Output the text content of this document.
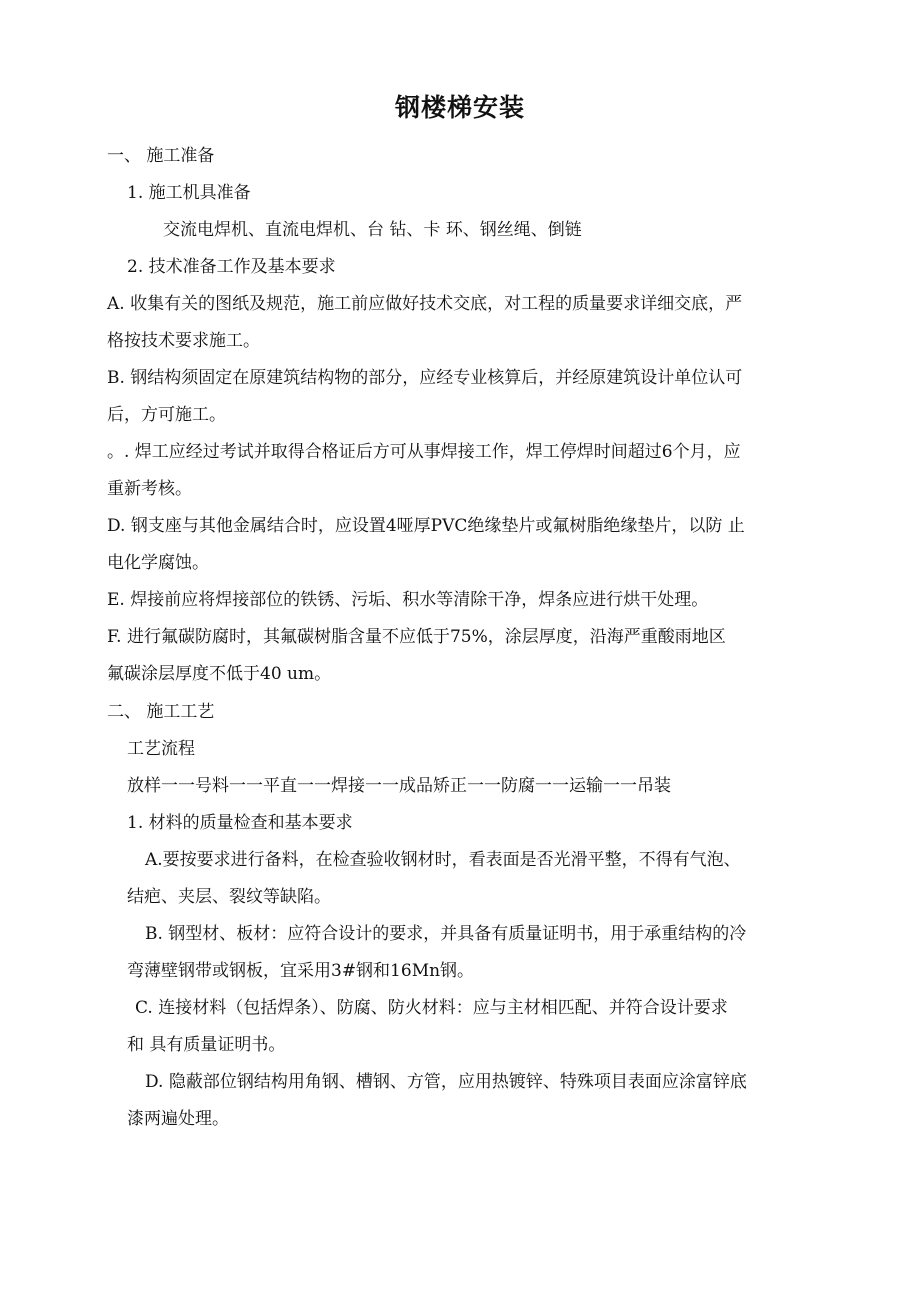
钢楼梯安装
一、 施工准备
1. 施工机具准备
交流电焊机、直流电焊机、台 钻、卡 环、钢丝绳、倒链
2. 技术准备工作及基本要求
A. 收集有关的图纸及规范，施工前应做好技术交底，对工程的质量要求详细交底，严
格按技术要求施工。
B. 钢结构须固定在原建筑结构物的部分，应经专业核算后，并经原建筑设计单位认可
后，方可施工。
。. 焊工应经过考试并取得合格证后方可从事焊接工作，焊工停焊时间超过6个月，应
重新考核。
D. 钢支座与其他金属结合时，应设置4哑厚PVC绝缘垫片或氟树脂绝缘垫片，以防 止
电化学腐蚀。
E. 焊接前应将焊接部位的铁锈、污垢、积水等清除干净，焊条应进行烘干处理。
F. 进行氟碳防腐时，其氟碳树脂含量不应低于75%，涂层厚度，沿海严重酸雨地区
氟碳涂层厚度不低于40 um。
二、 施工工艺
工艺流程
放样一一号料一一平直一一焊接一一成品矫正一一防腐一一运输一一吊装
1. 材料的质量检查和基本要求
A.要按要求进行备料，在检查验收钢材时，看表面是否光滑平整，不得有气泡、
结疤、夹层、裂纹等缺陷。
B. 钢型材、板材：应符合设计的要求，并具备有质量证明书，用于承重结构的冷
弯薄壁钢带或钢板，宜采用3#钢和16Mn钢。
C. 连接材料（包括焊条）、防腐、防火材料：应与主材相匹配、并符合设计要求
和 具有质量证明书。
D. 隐蔽部位钢结构用角钢、槽钢、方管，应用热镀锌、特殊项目表面应涂富锌底
漆两遍处理。
